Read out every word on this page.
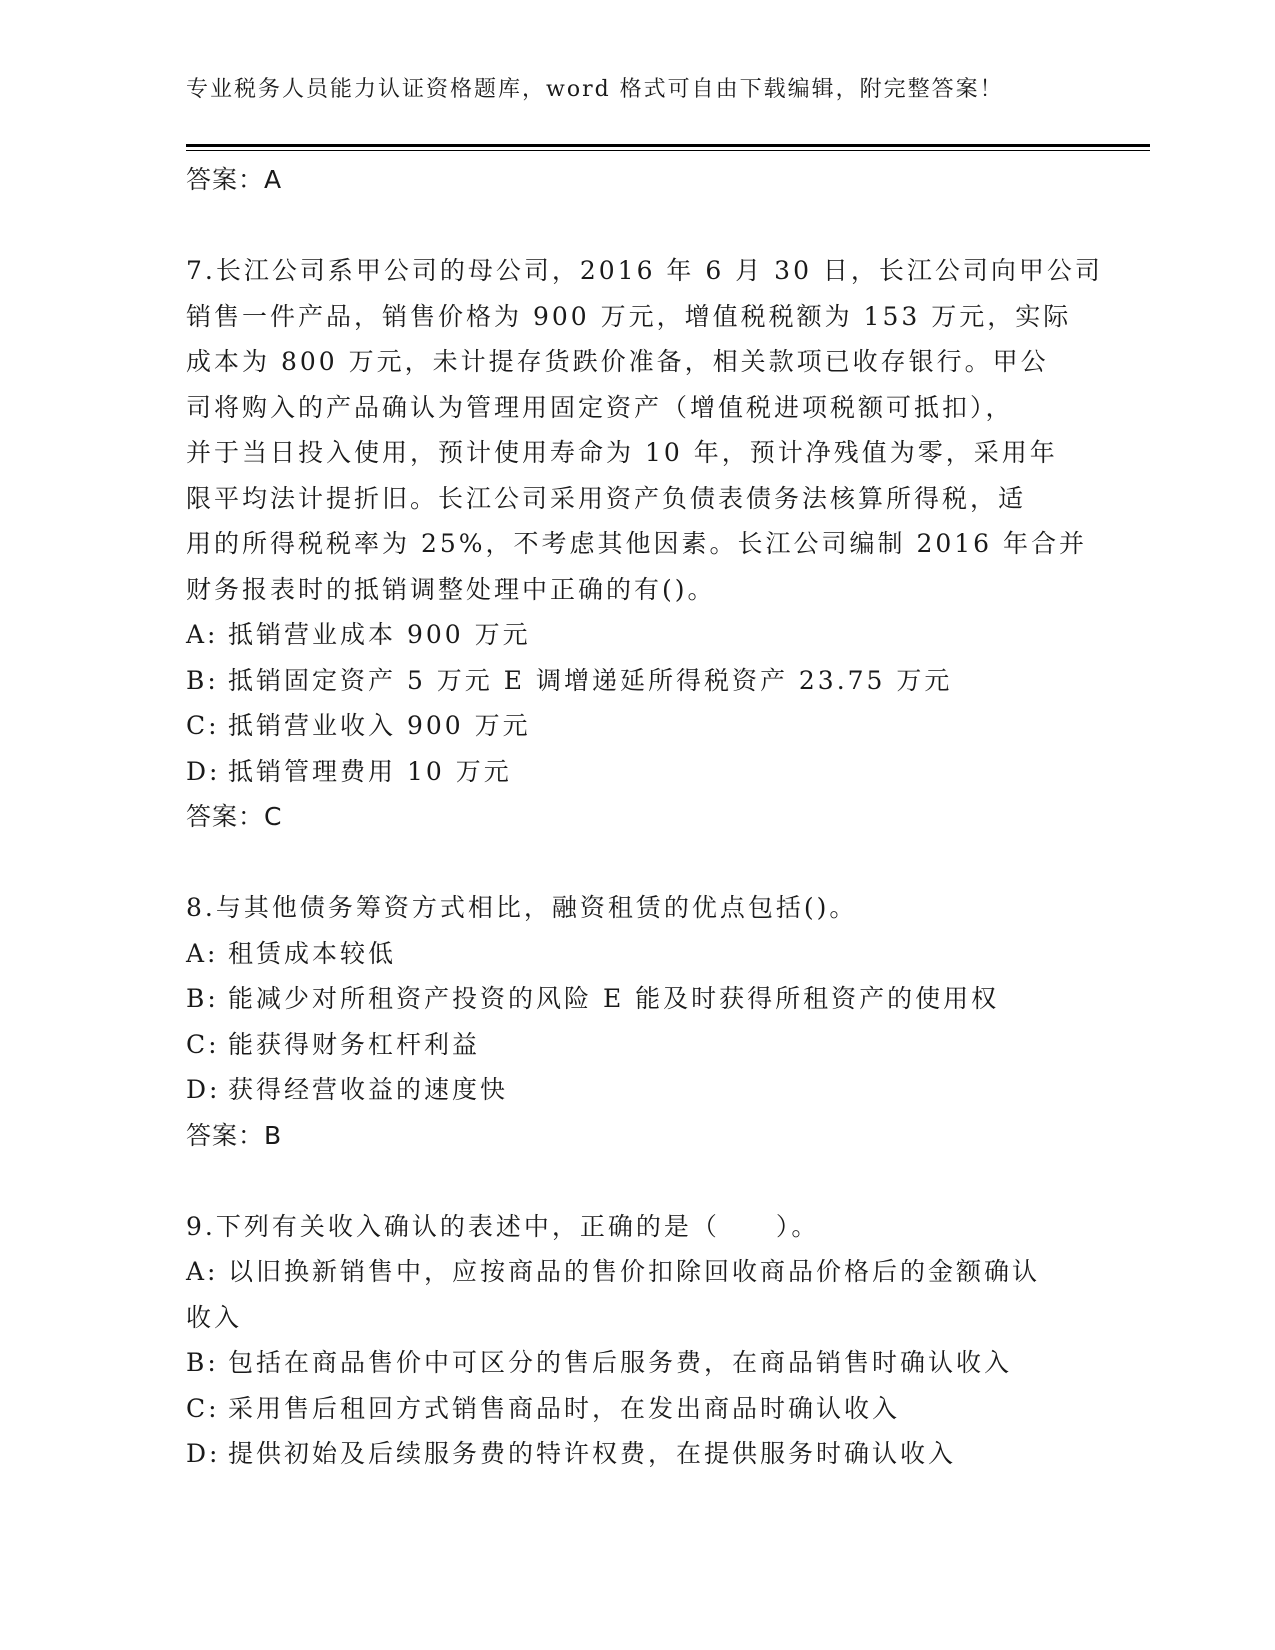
专业税务人员能力认证资格题库，word 格式可自由下载编辑，附完整答案！
答案：A
7.长江公司系甲公司的母公司，2016 年 6 月 30 日，长江公司向甲公司
销售一件产品，销售价格为 900 万元，增值税税额为 153 万元，实际
成本为 800 万元，未计提存货跌价准备，相关款项已收存银行。甲公
司将购入的产品确认为管理用固定资产（增值税进项税额可抵扣），
并于当日投入使用，预计使用寿命为 10 年，预计净残值为零，采用年
限平均法计提折旧。长江公司采用资产负债表债务法核算所得税，适
用的所得税税率为 25%，不考虑其他因素。长江公司编制 2016 年合并
财务报表时的抵销调整处理中正确的有()。
A: 抵销营业成本 900 万元
B: 抵销固定资产 5 万元 E 调增递延所得税资产 23.75 万元
C: 抵销营业收入 900 万元
D: 抵销管理费用 10 万元
答案：C
8.与其他债务筹资方式相比，融资租赁的优点包括()。
A: 租赁成本较低
B: 能减少对所租资产投资的风险 E 能及时获得所租资产的使用权
C: 能获得财务杠杆利益
D: 获得经营收益的速度快
答案：B
9.下列有关收入确认的表述中，正确的是（　　）。
A: 以旧换新销售中，应按商品的售价扣除回收商品价格后的金额确认
收入
B: 包括在商品售价中可区分的售后服务费，在商品销售时确认收入
C: 采用售后租回方式销售商品时，在发出商品时确认收入
D: 提供初始及后续服务费的特许权费，在提供服务时确认收入
